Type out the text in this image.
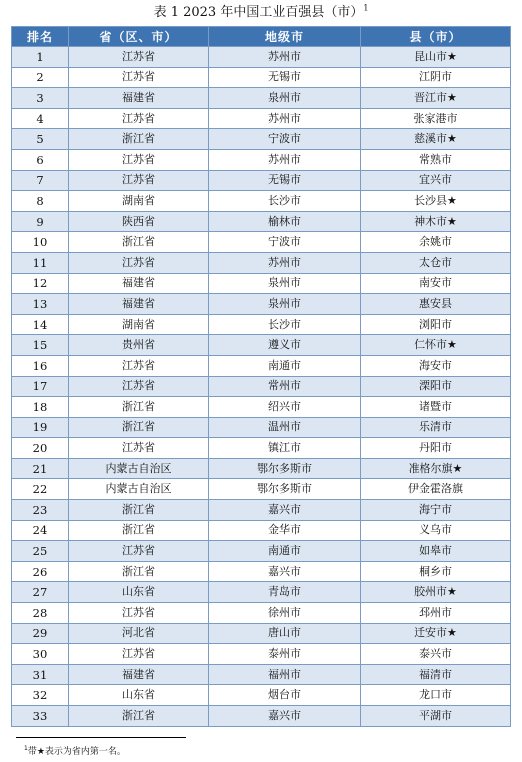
表 1 2023 年中国工业百强县（市）$^1$
排名	省（区、市）	地级市	县（市）
1	江苏省	苏州市	昆山市★
2	江苏省	无锡市	江阴市
3	福建省	泉州市	晋江市★
4	江苏省	苏州市	张家港市
5	浙江省	宁波市	慈溪市★
6	江苏省	苏州市	常熟市
7	江苏省	无锡市	宜兴市
8	湖南省	长沙市	长沙县★
9	陕西省	榆林市	神木市★
10	浙江省	宁波市	余姚市
11	江苏省	苏州市	太仓市
12	福建省	泉州市	南安市
13	福建省	泉州市	惠安县
14	湖南省	长沙市	浏阳市
15	贵州省	遵义市	仁怀市★
16	江苏省	南通市	海安市
17	江苏省	常州市	溧阳市
18	浙江省	绍兴市	诸暨市
19	浙江省	温州市	乐清市
20	江苏省	镇江市	丹阳市
21	内蒙古自治区	鄂尔多斯市	准格尔旗★
22	内蒙古自治区	鄂尔多斯市	伊金霍洛旗
23	浙江省	嘉兴市	海宁市
24	浙江省	金华市	义乌市
25	江苏省	南通市	如皋市
26	浙江省	嘉兴市	桐乡市
27	山东省	青岛市	胶州市★
28	江苏省	徐州市	邳州市
29	河北省	唐山市	迁安市★
30	江苏省	泰州市	泰兴市
31	福建省	福州市	福清市
32	山东省	烟台市	龙口市
33	浙江省	嘉兴市	平湖市
$^1$带★表示为省内第一名。
